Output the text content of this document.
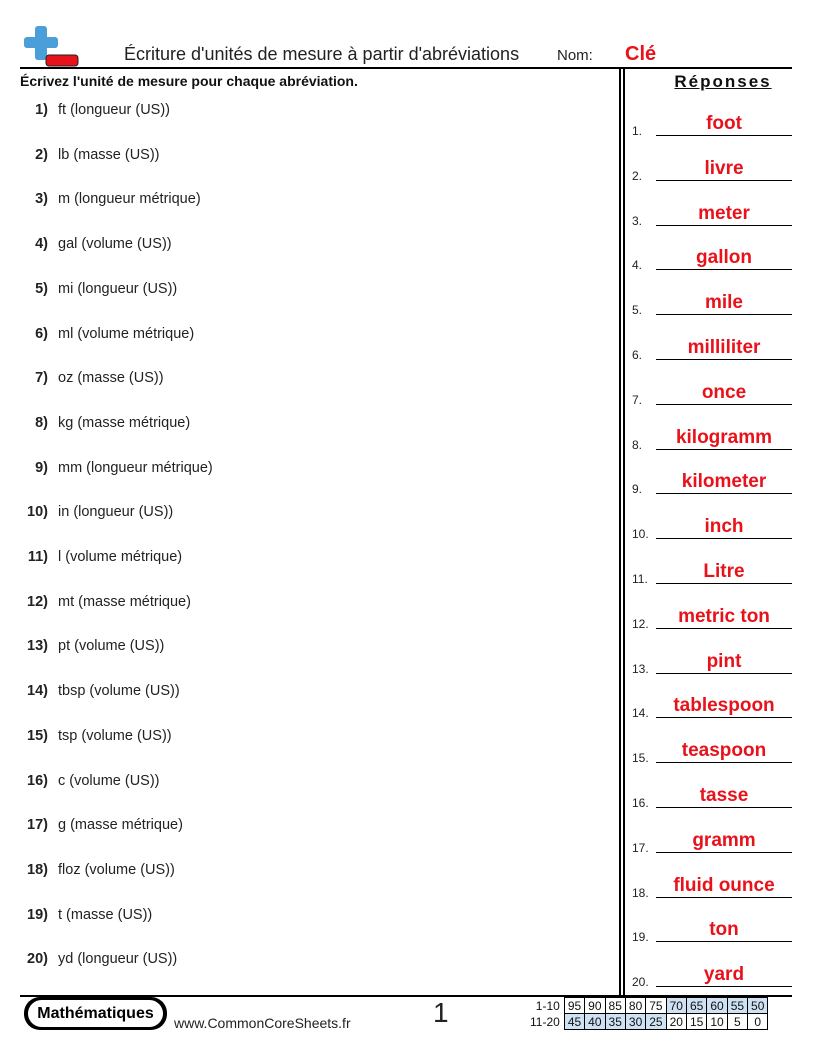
Écriture d'unités de mesure à partir d'abréviations	Nom: Clé
Écrivez l'unité de mesure pour chaque abréviation.	Réponses
1) ft (longueur (US))
2) lb (masse (US))
3) m (longueur métrique)
4) gal (volume (US))
5) mi (longueur (US))
6) ml (volume métrique)
7) oz (masse (US))
8) kg (masse métrique)
9) mm (longueur métrique)
10) in (longueur (US))
11) l (volume métrique)
12) mt (masse métrique)
13) pt (volume (US))
14) tbsp (volume (US))
15) tsp (volume (US))
16) c (volume (US))
17) g (masse métrique)
18) floz (volume (US))
19) t (masse (US))
20) yd (longueur (US))
1.	foot
2.	livre
3.	meter
4.	gallon
5.	mile
6.	milliliter
7.	once
8.	kilogramm
9.	kilometer
10.	inch
11.	Litre
12.	metric ton
13.	pint
14.	tablespoon
15.	teaspoon
16.	tasse
17.	gramm
18.	fluid ounce
19.	ton
20.	yard
Mathématiques
www.CommonCoreSheets.fr	1	1-10	95	90	85	80	75	70	65	60	55	50
11-20	45	40	35	30	25	20	15	10	5	0
